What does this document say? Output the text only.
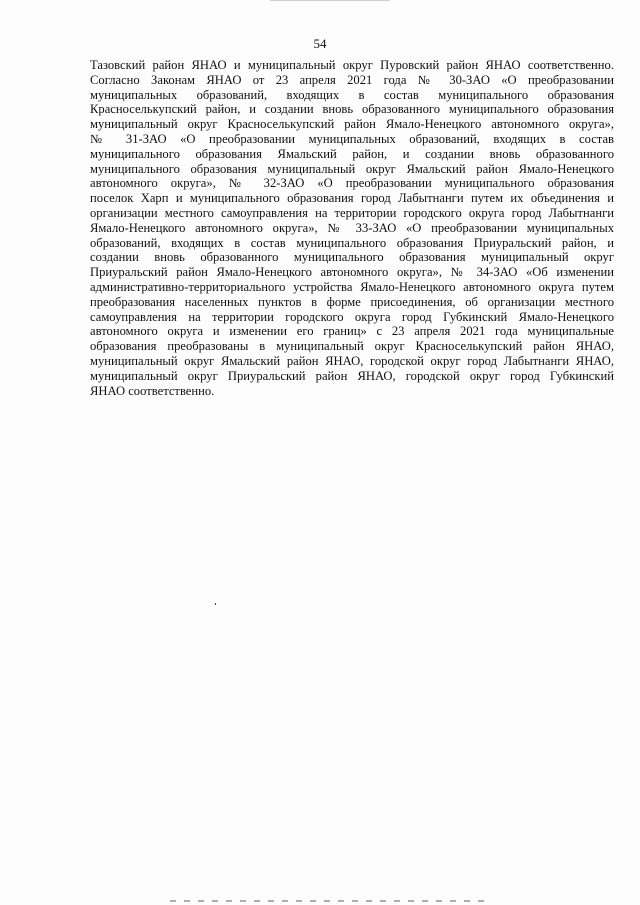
54
Тазовский район ЯНАО и муниципальный округ Пуровский район ЯНАО соответственно.
Согласно Законам ЯНАО от 23 апреля 2021 года № 30-ЗАО «О преобразовании
муниципальных образований, входящих в состав муниципального образования
Красноселькупский район, и создании вновь образованного муниципального образования
муниципальный округ Красноселькупский район Ямало-Ненецкого автономного округа»,
№ 31-ЗАО «О преобразовании муниципальных образований, входящих в состав
муниципального образования Ямальский район, и создании вновь образованного
муниципального образования муниципальный округ Ямальский район Ямало-Ненецкого
автономного округа», № 32-ЗАО «О преобразовании муниципального образования
поселок Харп и муниципального образования город Лабытнанги путем их объединения и
организации местного самоуправления на территории городского округа город Лабытнанги
Ямало-Ненецкого автономного округа», № 33-ЗАО «О преобразовании муниципальных
образований, входящих в состав муниципального образования Приуральский район, и
создании вновь образованного муниципального образования муниципальный округ
Приуральский район Ямало-Ненецкого автономного округа», № 34-ЗАО «Об изменении
административно-территориального устройства Ямало-Ненецкого автономного округа путем
преобразования населенных пунктов в форме присоединения, об организации местного
самоуправления на территории городского округа город Губкинский Ямало-Ненецкого
автономного округа и изменении его границ» с 23 апреля 2021 года муниципальные
образования преобразованы в муниципальный округ Красноселькупский район ЯНАО,
муниципальный округ Ямальский район ЯНАО, городской округ город Лабытнанги ЯНАО,
муниципальный округ Приуральский район ЯНАО, городской округ город Губкинский
ЯНАО соответственно.
